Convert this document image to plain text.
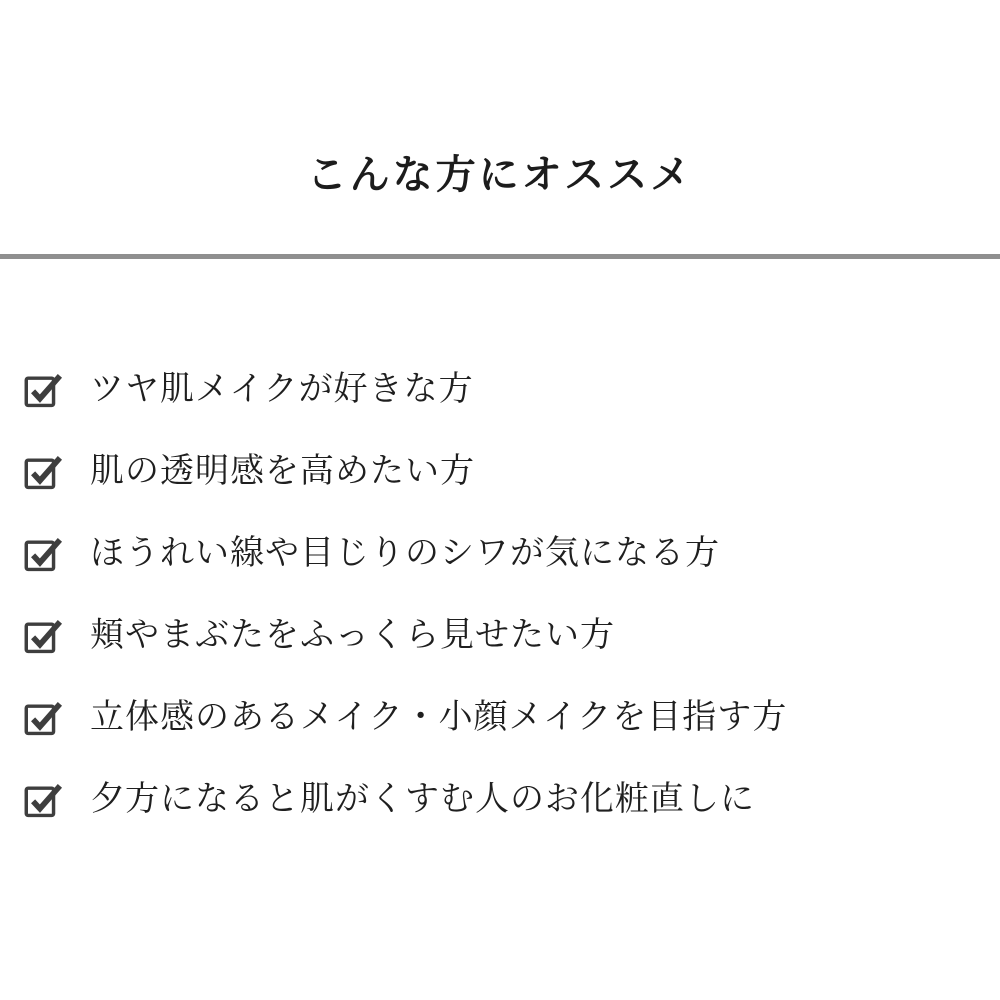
こんな方にオススメ
ツヤ肌メイクが好きな方
肌の透明感を高めたい方
ほうれい線や目じりのシワが気になる方
頬やまぶたをふっくら見せたい方
立体感のあるメイク・小顔メイクを目指す方
夕方になると肌がくすむ人のお化粧直しに
